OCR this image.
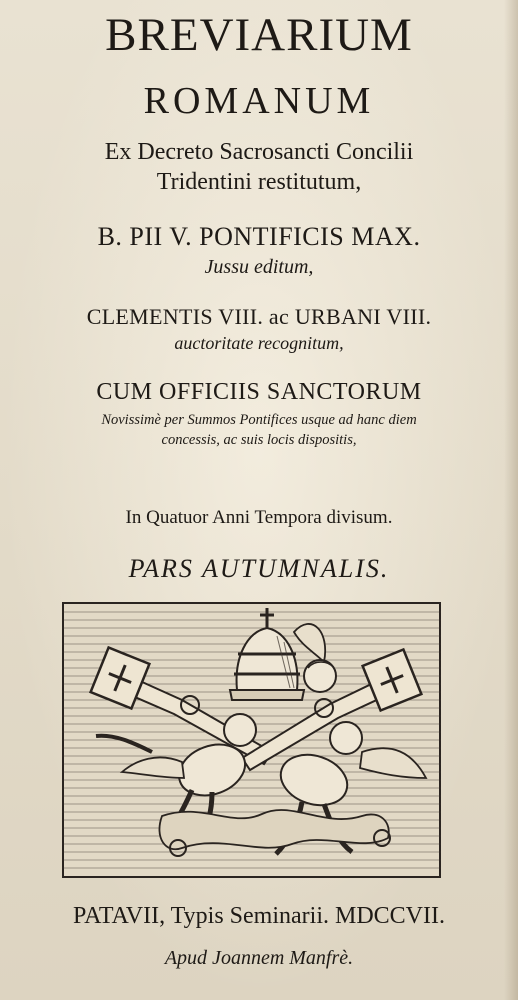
BREVIARIUM
ROMANUM
Ex Decreto Sacrosancti Concilii
Tridentini restitutum,
B. PII V. PONTIFICIS MAX.
Jussu editum,
CLEMENTIS VIII. ac URBANI VIII.
auctoritate recognitum,
CUM OFFICIIS SANCTORUM
Novissimè per Summos Pontifices usque ad hanc diem
concessis, ac suis locis dispositis,
In Quatuor Anni Tempora divisum.
PARS AUTUMNALIS.
PATAVII, Typis Seminarii. MDCCVII.
Apud Joannem Manfrè.
